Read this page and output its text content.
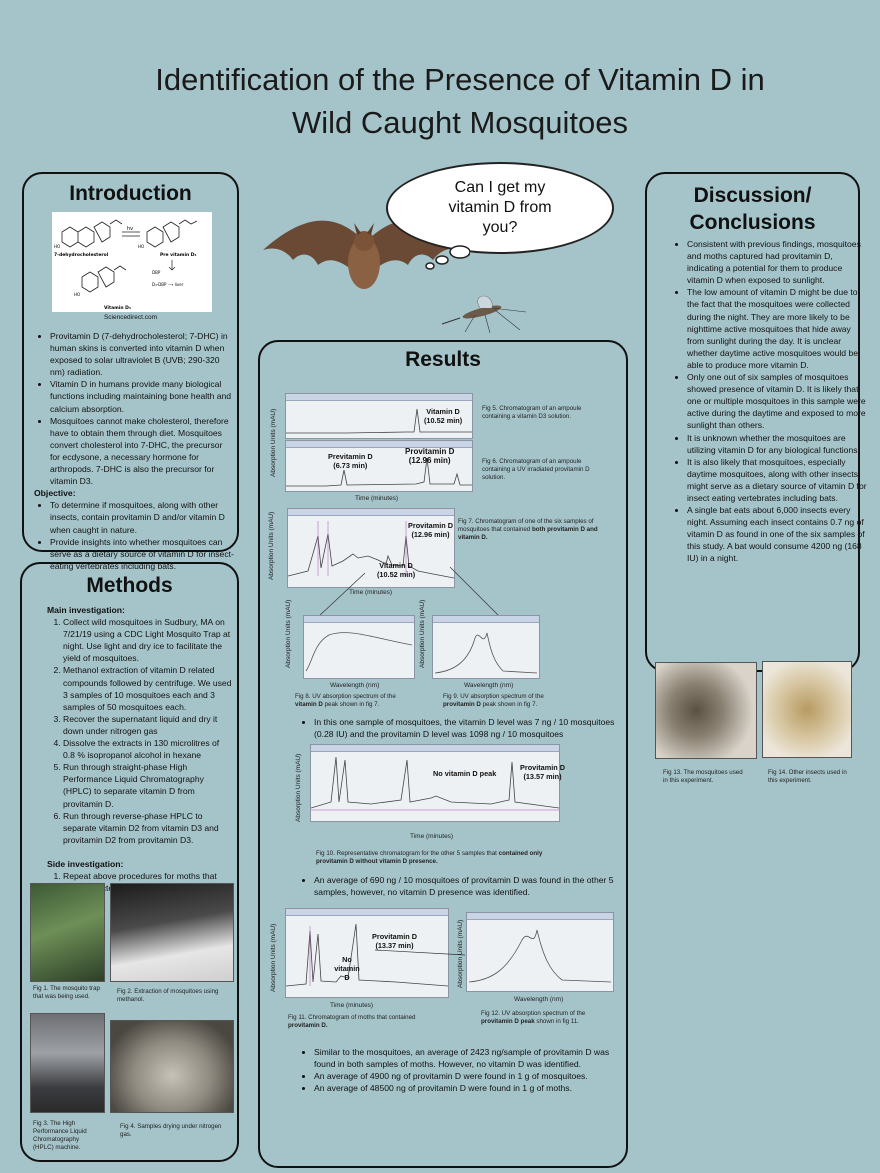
Identification of the Presence of Vitamin D in
Wild Caught Mosquitoes
Can I get my
vitamin D from
you?
Introduction
hν
7-dehydrocholesterol	Pre vitamin D₃
HO	HO
HO
DBP
D₃-DBP ⟶ liver
Vitamin D₃
Sciencedirect.com
• Provitamin D (7-dehydrocholesterol; 7-DHC) in human skins is converted into vitamin D when exposed to solar ultraviolet B (UVB; 290-320 nm) radiation.
• Vitamin D in humans provide many biological functions including maintaining bone health and calcium absorption.
• Mosquitoes cannot make cholesterol, therefore have to obtain them through diet. Mosquitoes convert cholesterol into 7-DHC, the precursor for ecdysone, a necessary hormone for arthropods. 7-DHC is also the precursor for vitamin D3.
Objective:
• To determine if mosquitoes, along with other insects, contain provitamin D and/or vitamin D when caught in nature.
• Provide insights into whether mosquitoes can serve as a dietary source of vitamin D for insect-eating vertebrates including bats.
Methods
Main investigation:
1. Collect wild mosquitoes in Sudbury, MA on 7/21/19 using a CDC Light Mosquito Trap at night. Use light and dry ice to facilitate the yield of mosquitoes.
2. Methanol extraction of vitamin D related compounds followed by centrifuge. We used 3 samples of 10 mosquitoes each and 3 samples of 50 mosquitoes each.
3. Recover the supernatant liquid and dry it down under nitrogen gas
4. Dissolve the extracts in 130 microlitres of 0.8 % isopropanol alcohol in hexane
5. Run through straight-phase High Performance Liquid Chromatography (HPLC) to separate vitamin D from provitamin D.
6. Run through reverse-phase HPLC to separate vitamin D2 from vitamin D3 and provitamin D2 from provitamin D3.
Side investigation:
1. Repeat above procedures for moths that
Fig 1. The mosquito trap that was being used.
Fig 2. Extraction of mosquitoes using methanol.
Fig 3. The High Performance Liquid Chromatography (HPLC) machine.
Fig 4. Samples drying under nitrogen gas.
Results
Vitamin D
(10.52 min)
Previtamin D
(6.73 min)
Provitamin D
(12.96 min)
Absorption Units (mAU)
Time (minutes)
Fig 5. Chromatogram of an ampoule containing a vitamin D3 solution.
Fig 6. Chromatogram of an ampoule containing a UV irradiated provitamin D solution.
Provitamin D
(12.96 min)
Vitamin D
(10.52 min)
Absorption Units (mAU)
Time (minutes)
Fig 7. Chromatogram of one of the six samples of mosquitoes that contained both provitamin D and vitamin D.
Absorption Units (mAU)	Absorption Units (mAU)
Wavelength (nm)	Wavelength (nm)
Fig 8. UV absorption spectrum of the vitamin D peak shown in fig 7.
Fig 9. UV absorption spectrum of the provitamin D peak shown in fig 7.
• In this one sample of mosquitoes, the vitamin D level was 7 ng / 10 mosquitoes (0.28 IU) and the provitamin D level was 1098 ng / 10 mosquitoes
No vitamin D peak
Provitamin D
(13.57 min)
Absorption Units (mAU)
Time (minutes)
Fig 10. Representative chromatogram for the other 5 samples that contained only provitamin D without vitamin D presence.
• An average of 690 ng / 10 mosquitoes of provitamin D was found in the other 5 samples, however, no vitamin D presence was identified.
No vitamin D
Provitamin D
(13.37 min)
Absorption Units (mAU)
Time (minutes)
Absorption Units (mAU)
Wavelength (nm)
Fig 11. Chromatogram of moths that contained provitamin D.
Fig 12. UV absorption spectrum of the provitamin D peak shown in fig 11.
• Similar to the mosquitoes, an average of 2423 ng/sample of provitamin D was found in both samples of moths. However, no vitamin D was identified.
• An average of 4900 ng of provitamin D were found in 1 g of mosquitoes.
• An average of 48500 ng of provitamin D were found in 1 g of moths.
Discussion/
Conclusions
• Consistent with previous findings, mosquitoes and moths captured had provitamin D, indicating a potential for them to produce vitamin D when exposed to sunlight.
• The low amount of vitamin D might be due to the fact that the mosquitoes were collected during the night. They are more likely to be nighttime active mosquitoes that hide away from sunlight during the day. It is unclear whether daytime active mosquitoes would be able to produce more vitamin D.
• Only one out of six samples of mosquitoes showed presence of vitamin D. It is likely that one or multiple mosquitoes in this sample were active during the daytime and exposed to more sunlight than others.
• It is unknown whether the mosquitoes are utilizing vitamin D for any biological functions.
• It is also likely that mosquitoes, especially daytime mosquitoes, along with other insects, might serve as a dietary source of vitamin D for insect eating vertebrates including bats.
• A single bat eats about 6,000 insects every night. Assuming each insect contains 0.7 ng of vitamin D as found in one of the six samples of this study. A bat would consume 4200 ng (168 IU) in a night.
Fig 13. The mosquitoes used in this experiment.
Fig 14. Other insects used in this experiment.
